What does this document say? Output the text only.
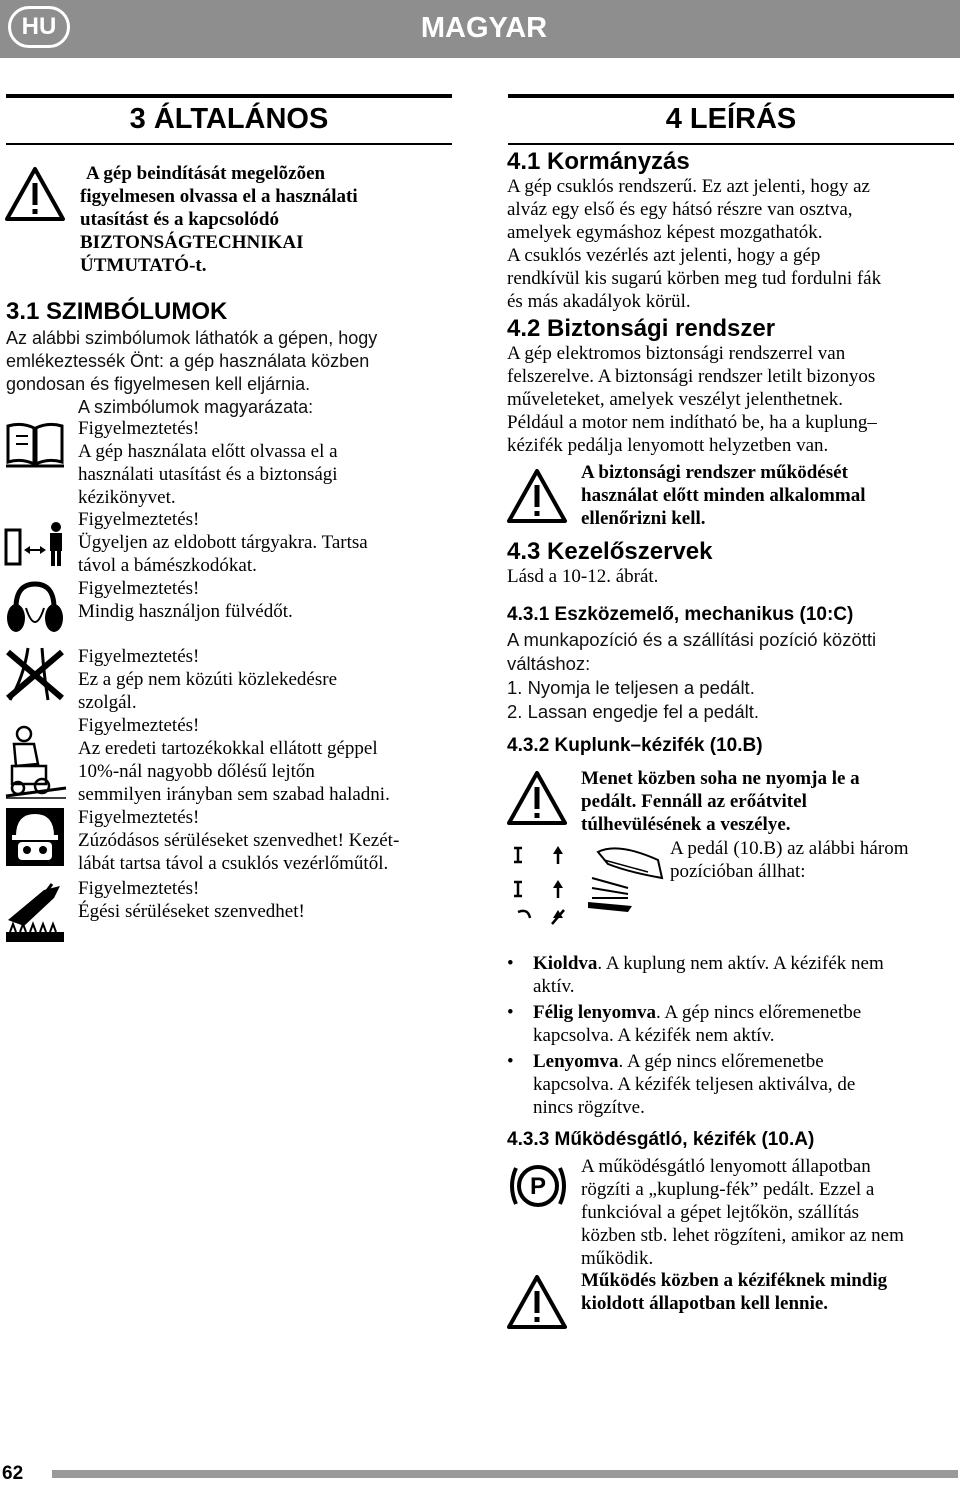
HU	MAGYAR
3 ÁLTALÁNOS
A gép beindítását megelõzõen
figyelmesen olvassa el a használati
utasítást és a kapcsolódó
BIZTONSÁGTECHNIKAI
ÚTMUTATÓ-t.
3.1 SZIMBÓLUMOK
Az alábbi szimbólumok láthatók a gépen, hogy
emlékeztessék Önt: a gép használata közben
gondosan és figyelmesen kell eljárnia.
A szimbólumok magyarázata:
Figyelmeztetés!
A gép használata előtt olvassa el a
használati utasítást és a biztonsági
kézikönyvet.
Figyelmeztetés!
Ügyeljen az eldobott tárgyakra. Tartsa
távol a bámészkodókat.
Figyelmeztetés!
Mindig használjon fülvédőt.
Figyelmeztetés!
Ez a gép nem közúti közlekedésre
szolgál.
Figyelmeztetés!
Az eredeti tartozékokkal ellátott géppel
10%-nál nagyobb dőlésű lejtőn
semmilyen irányban sem szabad haladni.
Figyelmeztetés!
Zúzódásos sérüléseket szenvedhet! Kezét-
lábát tartsa távol a csuklós vezérlőműtől.
Figyelmeztetés!
Égési sérüléseket szenvedhet!
4 LEÍRÁS
4.1 Kormányzás
A gép csuklós rendszerű. Ez azt jelenti, hogy az
alváz egy első és egy hátsó részre van osztva,
amelyek egymáshoz képest mozgathatók.
A csuklós vezérlés azt jelenti, hogy a gép
rendkívül kis sugarú körben meg tud fordulni fák
és más akadályok körül.
4.2 Biztonsági rendszer
A gép elektromos biztonsági rendszerrel van
felszerelve. A biztonsági rendszer letilt bizonyos
műveleteket, amelyek veszélyt jelenthetnek.
Például a motor nem indítható be, ha a kuplung–
kézifék pedálja lenyomott helyzetben van.
A biztonsági rendszer működését
használat előtt minden alkalommal
ellenőrizni kell.
4.3 Kezelőszervek
Lásd a 10-12. ábrát.
4.3.1 Eszközemelő, mechanikus (10:C)
A munkapozíció és a szállítási pozíció közötti
váltáshoz:
1. Nyomja le teljesen a pedált.
2. Lassan engedje fel a pedált.
4.3.2 Kuplunk–kézifék (10.B)
Menet közben soha ne nyomja le a
pedált. Fennáll az erőátvitel
túlhevülésének a veszélye.
A pedál (10.B) az alábbi három
pozícióban állhat:
• Kioldva. A kuplung nem aktív. A kézifék nem
aktív.
• Félig lenyomva. A gép nincs előremenetbe
kapcsolva. A kézifék nem aktív.
• Lenyomva. A gép nincs előremenetbe
kapcsolva. A kézifék teljesen aktiválva, de
nincs rögzítve.
4.3.3 Működésgátló, kézifék (10.A)
P
A működésgátló lenyomott állapotban
rögzíti a „kuplung-fék” pedált. Ezzel a
funkcióval a gépet lejtőkön, szállítás
közben stb. lehet rögzíteni, amikor az nem
működik.
Működés közben a kéziféknek mindig
kioldott állapotban kell lennie.
62
